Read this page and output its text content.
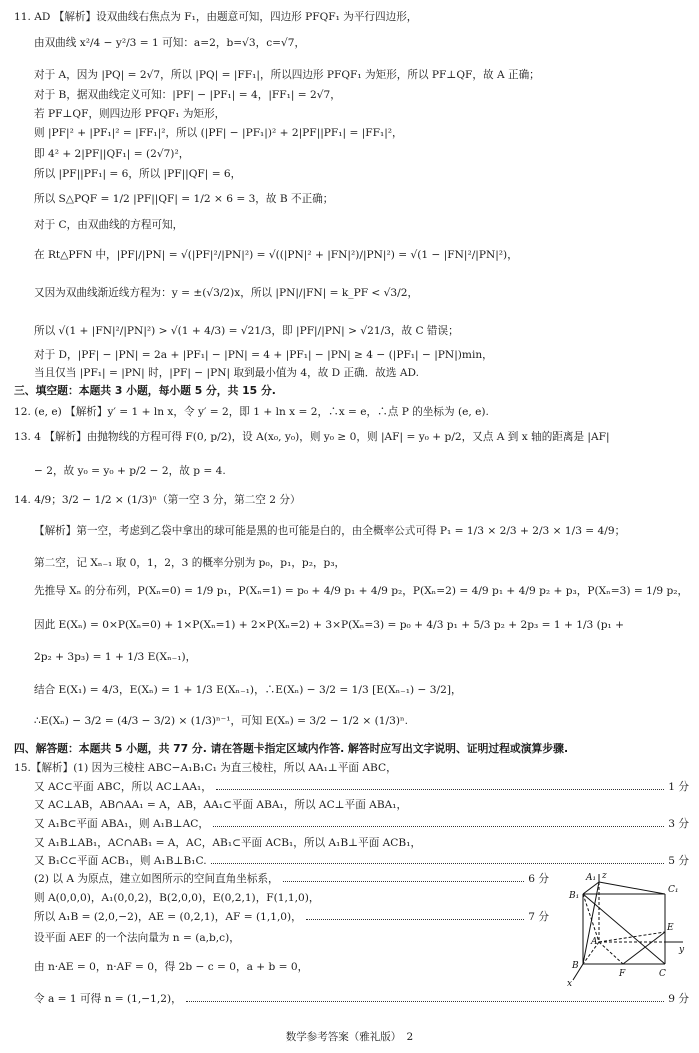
11. AD 【解析】设双曲线右焦点为 F₁，由题意可知，四边形 PFQF₁ 为平行四边形，
由双曲线 x²/4 − y²/3 = 1 可知：a=2，b=√3，c=√7，
对于 A，因为 |PQ| = 2√7，所以 |PQ| = |FF₁|，所以四边形 PFQF₁ 为矩形，所以 PF⊥QF，故 A 正确；
对于 B，据双曲线定义可知：|PF| − |PF₁| = 4，|FF₁| = 2√7，
若 PF⊥QF，则四边形 PFQF₁ 为矩形，
则 |PF|² + |PF₁|² = |FF₁|²，所以 (|PF| − |PF₁|)² + 2|PF||PF₁| = |FF₁|²，
即 4² + 2|PF||QF₁| = (2√7)²，
所以 |PF||PF₁| = 6，所以 |PF||QF| = 6，
所以 S△PQF = 1/2 |PF||QF| = 1/2 × 6 = 3，故 B 不正确；
对于 C，由双曲线的方程可知，
在 Rt△PFN 中，|PF|/|PN| = √(|PF|²/|PN|²) = √((|PN|² + |FN|²)/|PN|²) = √(1 − |FN|²/|PN|²)，
又因为双曲线渐近线方程为：y = ±(√3/2)x，所以 |PN|/|FN| = k_PF < √3/2，
所以 √(1 + |FN|²/|PN|²) > √(1 + 4/3) = √21/3，即 |PF|/|PN| > √21/3，故 C 错误；
对于 D，|PF| − |PN| = 2a + |PF₁| − |PN| = 4 + |PF₁| − |PN| ≥ 4 − (|PF₁| − |PN|)min，
当且仅当 |PF₁| = |PN| 时，|PF| − |PN| 取到最小值为 4，故 D 正确．故选 AD.
三、填空题：本题共 3 小题，每小题 5 分，共 15 分.
12. (e, e) 【解析】y′ = 1 + ln x，令 y′ = 2，即 1 + ln x = 2，∴x = e，∴点 P 的坐标为 (e, e).
13. 4 【解析】由抛物线的方程可得 F(0, p/2)，设 A(x₀, y₀)，则 y₀ ≥ 0，则 |AF| = y₀ + p/2，又点 A 到 x 轴的距离是 |AF|
− 2，故 y₀ = y₀ + p/2 − 2，故 p = 4.
14. 4/9；3/2 − 1/2 × (1/3)ⁿ（第一空 3 分，第二空 2 分）
【解析】第一空，考虑到乙袋中拿出的球可能是黑的也可能是白的，由全概率公式可得 P₁ = 1/3 × 2/3 + 2/3 × 1/3 = 4/9；
第二空，记 Xₙ₋₁ 取 0，1，2，3 的概率分别为 p₀，p₁，p₂，p₃，
先推导 Xₙ 的分布列，P(Xₙ=0) = 1/9 p₁，P(Xₙ=1) = p₀ + 4/9 p₁ + 4/9 p₂，P(Xₙ=2) = 4/9 p₁ + 4/9 p₂ + p₃，P(Xₙ=3) = 1/9 p₂，
因此 E(Xₙ) = 0×P(Xₙ=0) + 1×P(Xₙ=1) + 2×P(Xₙ=2) + 3×P(Xₙ=3) = p₀ + 4/3 p₁ + 5/3 p₂ + 2p₃ = 1 + 1/3 (p₁ +
2p₂ + 3p₃) = 1 + 1/3 E(Xₙ₋₁)，
结合 E(X₁) = 4/3，E(Xₙ) = 1 + 1/3 E(Xₙ₋₁)，∴E(Xₙ) − 3/2 = 1/3 [E(Xₙ₋₁) − 3/2]，
∴E(Xₙ) − 3/2 = (4/3 − 3/2) × (1/3)ⁿ⁻¹，可知 E(Xₙ) = 3/2 − 1/2 × (1/3)ⁿ.
四、解答题：本题共 5 小题，共 77 分. 请在答题卡指定区域内作答. 解答时应写出文字说明、证明过程或演算步骤.
15.【解析】(1) 因为三棱柱 ABC−A₁B₁C₁ 为直三棱柱，所以 AA₁⊥平面 ABC，
又 AC⊂平面 ABC，所以 AC⊥AA₁，	1 分
又 AC⊥AB，AB∩AA₁ = A，AB，AA₁⊂平面 ABA₁，所以 AC⊥平面 ABA₁，
又 A₁B⊂平面 ABA₁，则 A₁B⊥AC，	3 分
又 A₁B⊥AB₁，AC∩AB₁ = A，AC，AB₁⊂平面 ACB₁，所以 A₁B⊥平面 ACB₁，
又 B₁C⊂平面 ACB₁，则 A₁B⊥B₁C.	5 分
(2) 以 A 为原点，建立如图所示的空间直角坐标系，	6 分
则 A(0,0,0)，A₁(0,0,2)，B(2,0,0)，E(0,2,1)，F(1,1,0)，
所以 A₁B = (2,0,−2)，AE = (0,2,1)，AF = (1,1,0)，	7 分
设平面 AEF 的一个法向量为 n = (a,b,c)，
由 n·AE = 0，n·AF = 0，得 2b − c = 0，a + b = 0，
令 a = 1 可得 n = (1,−1,2)，	9 分
A₁ z
C₁
B₁
E
A
C
y
B
F
x
数学参考答案（雅礼版）　2
